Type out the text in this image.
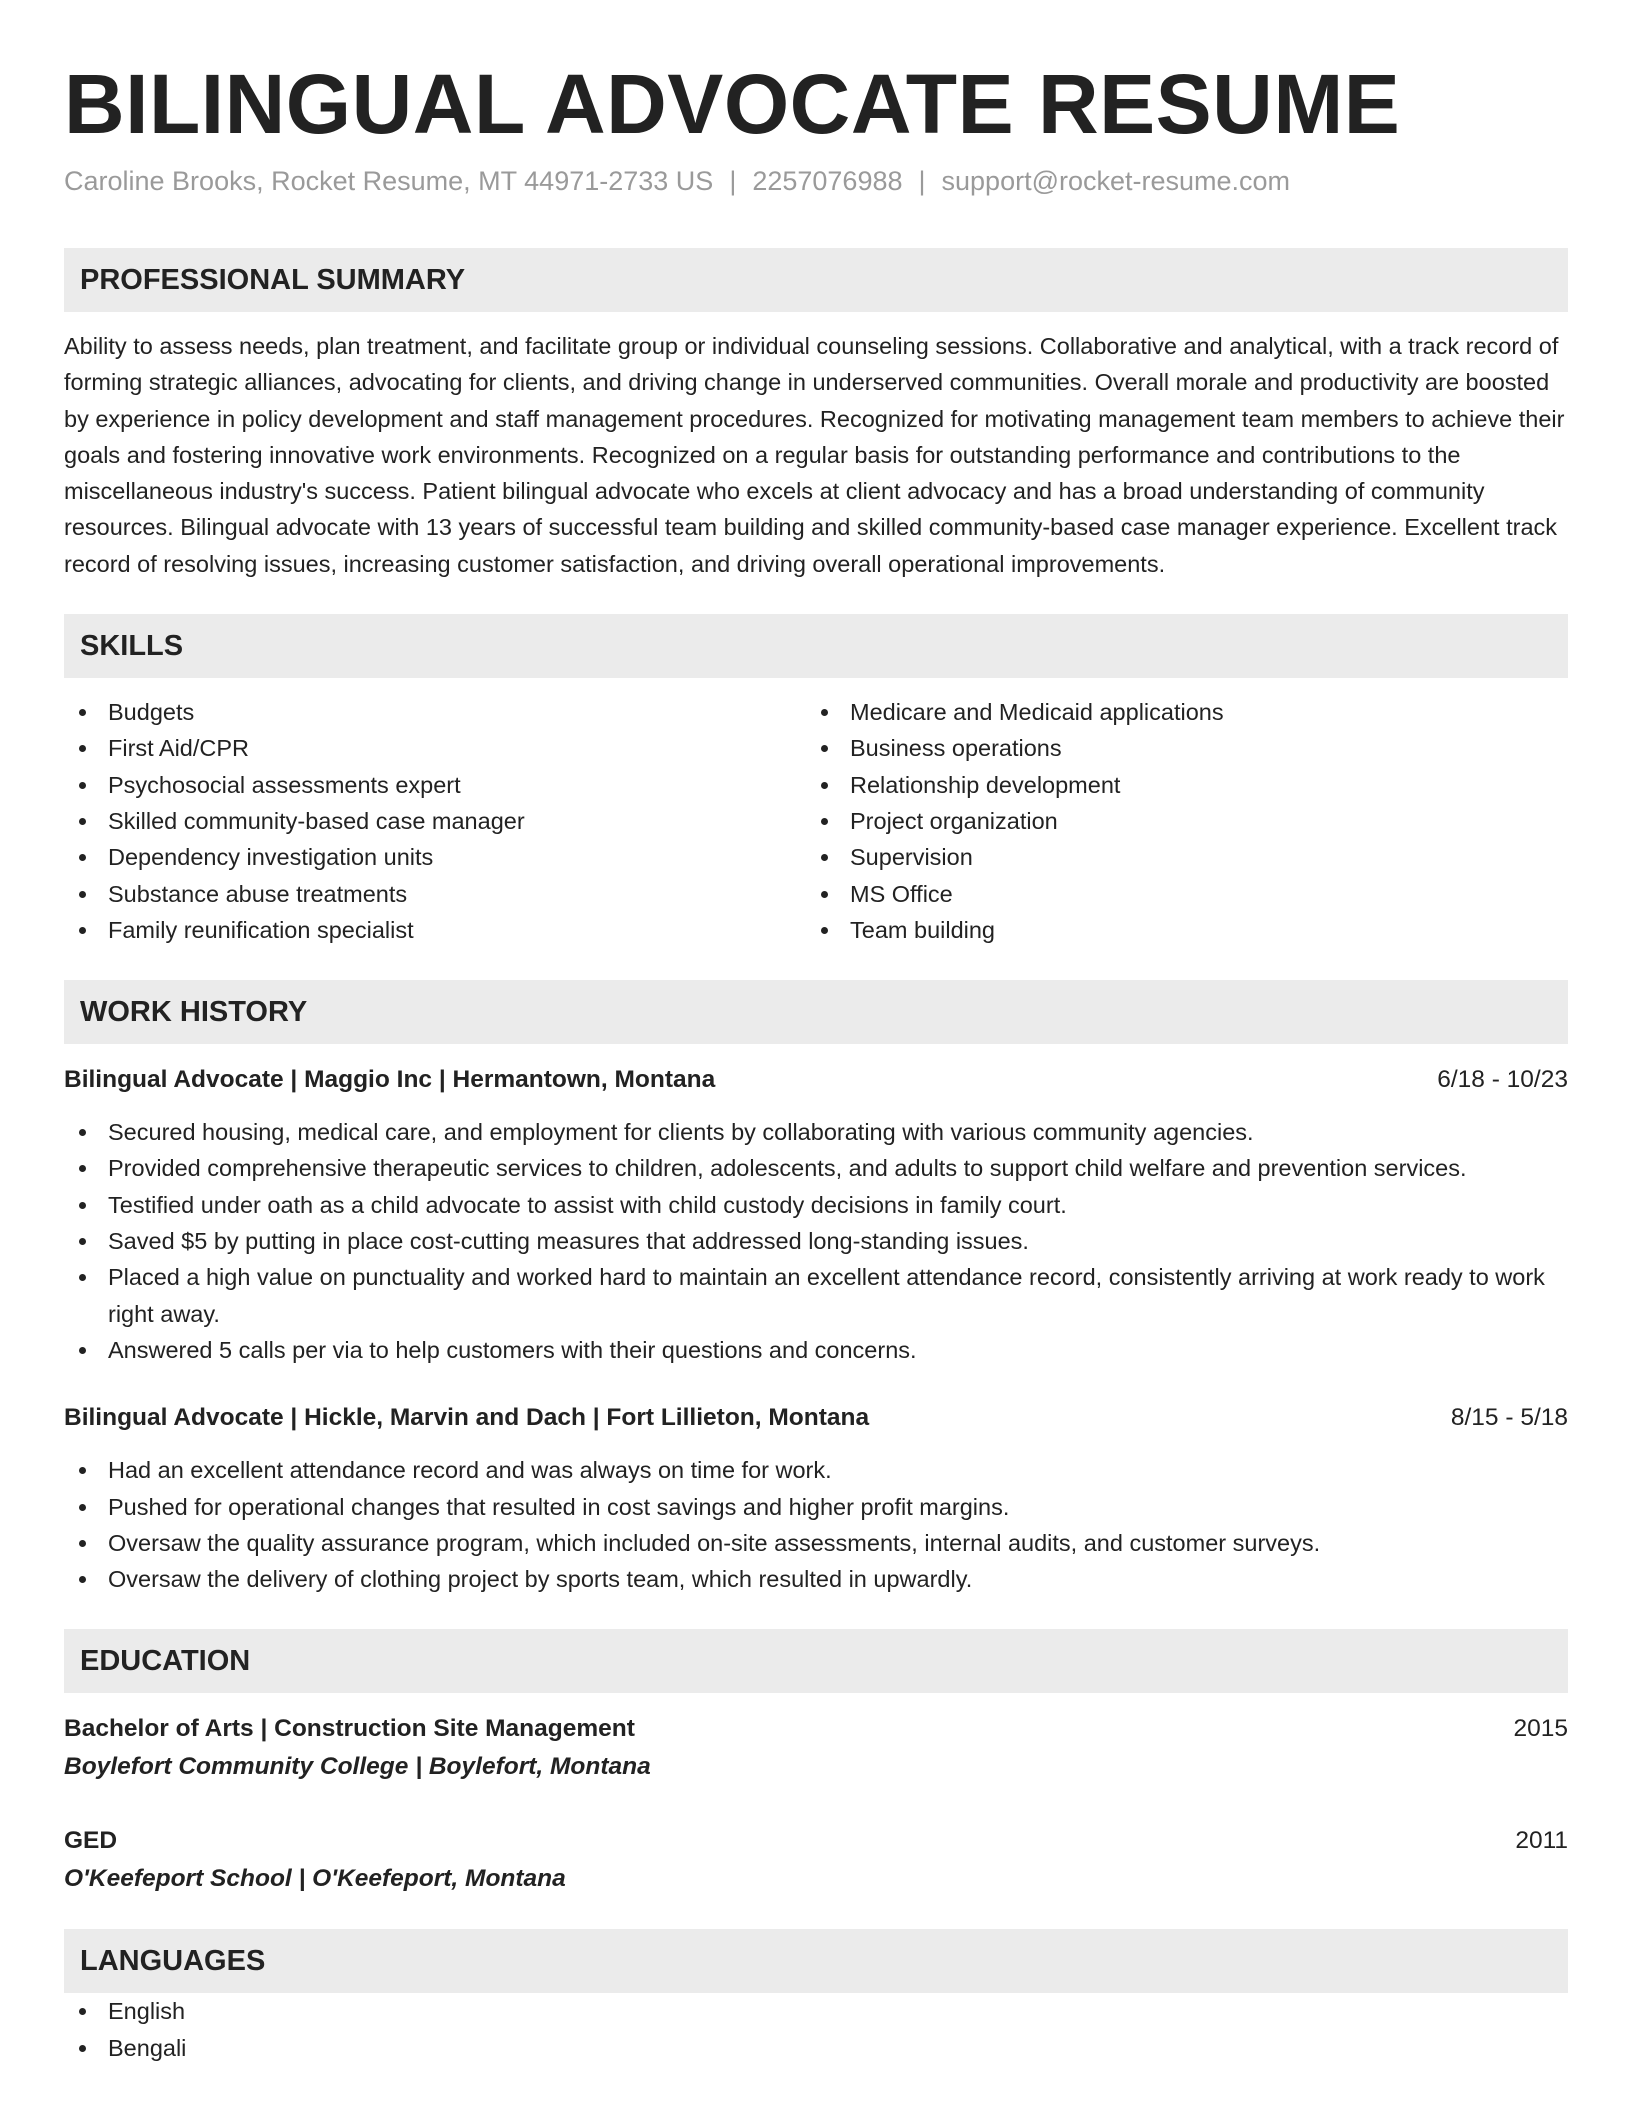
BILINGUAL ADVOCATE RESUME
Caroline Brooks, Rocket Resume, MT 44971-2733 US | 2257076988 | support@rocket-resume.com
PROFESSIONAL SUMMARY
Ability to assess needs, plan treatment, and facilitate group or individual counseling sessions. Collaborative and analytical, with a track record of forming strategic alliances, advocating for clients, and driving change in underserved communities. Overall morale and productivity are boosted by experience in policy development and staff management procedures. Recognized for motivating management team members to achieve their goals and fostering innovative work environments. Recognized on a regular basis for outstanding performance and contributions to the miscellaneous industry's success. Patient bilingual advocate who excels at client advocacy and has a broad understanding of community resources. Bilingual advocate with 13 years of successful team building and skilled community-based case manager experience. Excellent track record of resolving issues, increasing customer satisfaction, and driving overall operational improvements.
SKILLS
Budgets
First Aid/CPR
Psychosocial assessments expert
Skilled community-based case manager
Dependency investigation units
Substance abuse treatments
Family reunification specialist
Medicare and Medicaid applications
Business operations
Relationship development
Project organization
Supervision
MS Office
Team building
WORK HISTORY
Bilingual Advocate | Maggio Inc | Hermantown, Montana	6/18 - 10/23
Secured housing, medical care, and employment for clients by collaborating with various community agencies.
Provided comprehensive therapeutic services to children, adolescents, and adults to support child welfare and prevention services.
Testified under oath as a child advocate to assist with child custody decisions in family court.
Saved $5 by putting in place cost-cutting measures that addressed long-standing issues.
Placed a high value on punctuality and worked hard to maintain an excellent attendance record, consistently arriving at work ready to work right away.
Answered 5 calls per via to help customers with their questions and concerns.
Bilingual Advocate | Hickle, Marvin and Dach | Fort Lillieton, Montana	8/15 - 5/18
Had an excellent attendance record and was always on time for work.
Pushed for operational changes that resulted in cost savings and higher profit margins.
Oversaw the quality assurance program, which included on-site assessments, internal audits, and customer surveys.
Oversaw the delivery of clothing project by sports team, which resulted in upwardly.
EDUCATION
Bachelor of Arts | Construction Site Management	2015
Boylefort Community College | Boylefort, Montana
GED	2011
O'Keefeport School | O'Keefeport, Montana
LANGUAGES
English
Bengali
